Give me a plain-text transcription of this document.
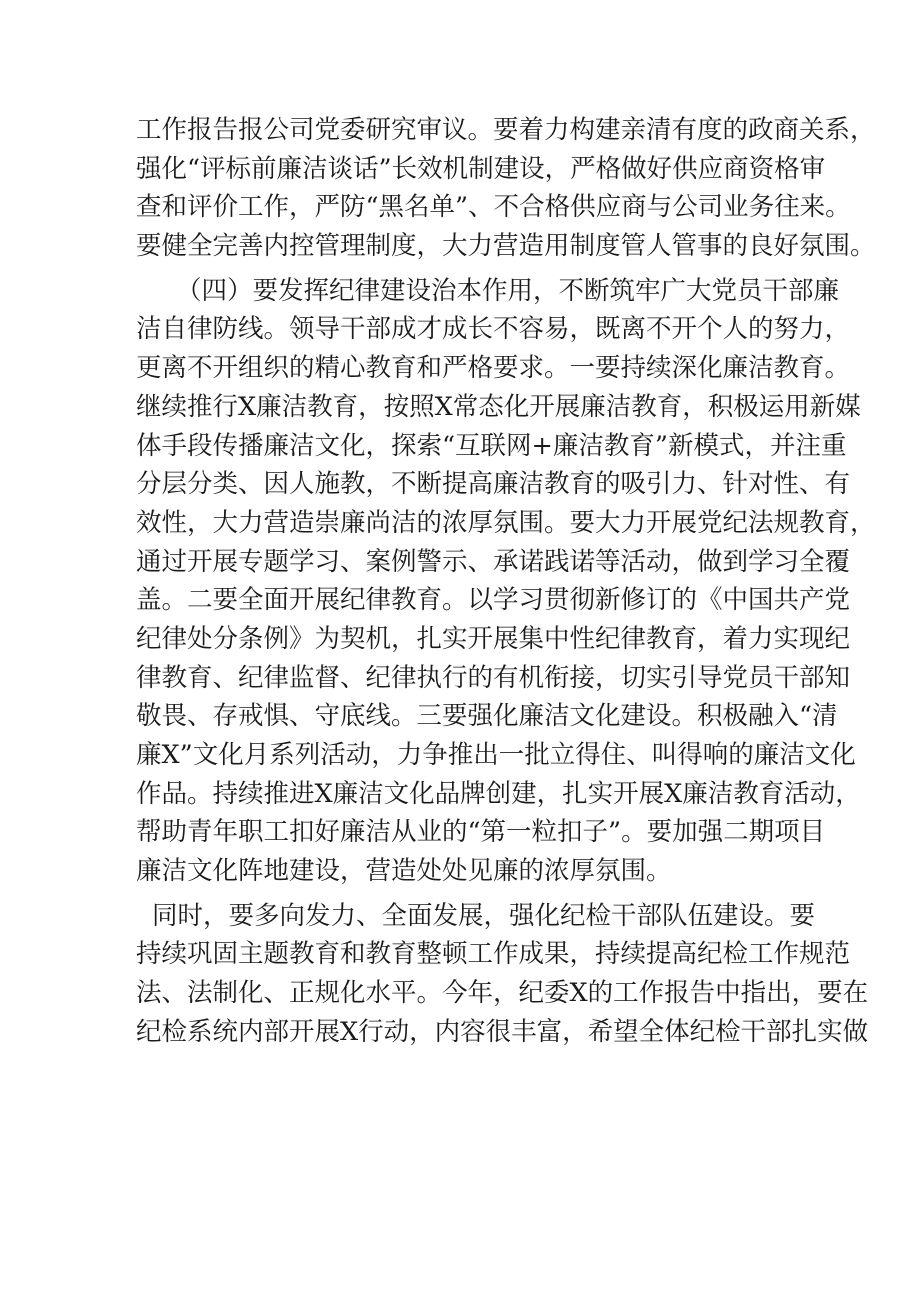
工作报告报公司党委研究审议。要着力构建亲清有度的政商关系，
强化“评标前廉洁谈话”长效机制建设，严格做好供应商资格审
查和评价工作，严防“黑名单”、不合格供应商与公司业务往来。
要健全完善内控管理制度，大力营造用制度管人管事的良好氛围。
（四）要发挥纪律建设治本作用，不断筑牢广大党员干部廉
洁自律防线。领导干部成才成长不容易，既离不开个人的努力，
更离不开组织的精心教育和严格要求。一要持续深化廉洁教育。
继续推行X廉洁教育，按照X常态化开展廉洁教育，积极运用新媒
体手段传播廉洁文化，探索“互联网+廉洁教育”新模式，并注重
分层分类、因人施教，不断提高廉洁教育的吸引力、针对性、有
效性，大力营造崇廉尚洁的浓厚氛围。要大力开展党纪法规教育，
通过开展专题学习、案例警示、承诺践诺等活动，做到学习全覆
盖。二要全面开展纪律教育。以学习贯彻新修订的《中国共产党
纪律处分条例》为契机，扎实开展集中性纪律教育，着力实现纪
律教育、纪律监督、纪律执行的有机衔接，切实引导党员干部知
敬畏、存戒惧、守底线。三要强化廉洁文化建设。积极融入“清
廉X”文化月系列活动，力争推出一批立得住、叫得响的廉洁文化
作品。持续推进X廉洁文化品牌创建，扎实开展X廉洁教育活动，
帮助青年职工扣好廉洁从业的“第一粒扣子”。要加强二期项目
廉洁文化阵地建设，营造处处见廉的浓厚氛围。
同时，要多向发力、全面发展，强化纪检干部队伍建设。要
持续巩固主题教育和教育整顿工作成果，持续提高纪检工作规范
法、法制化、正规化水平。今年，纪委X的工作报告中指出，要在
纪检系统内部开展X行动，内容很丰富，希望全体纪检干部扎实做
